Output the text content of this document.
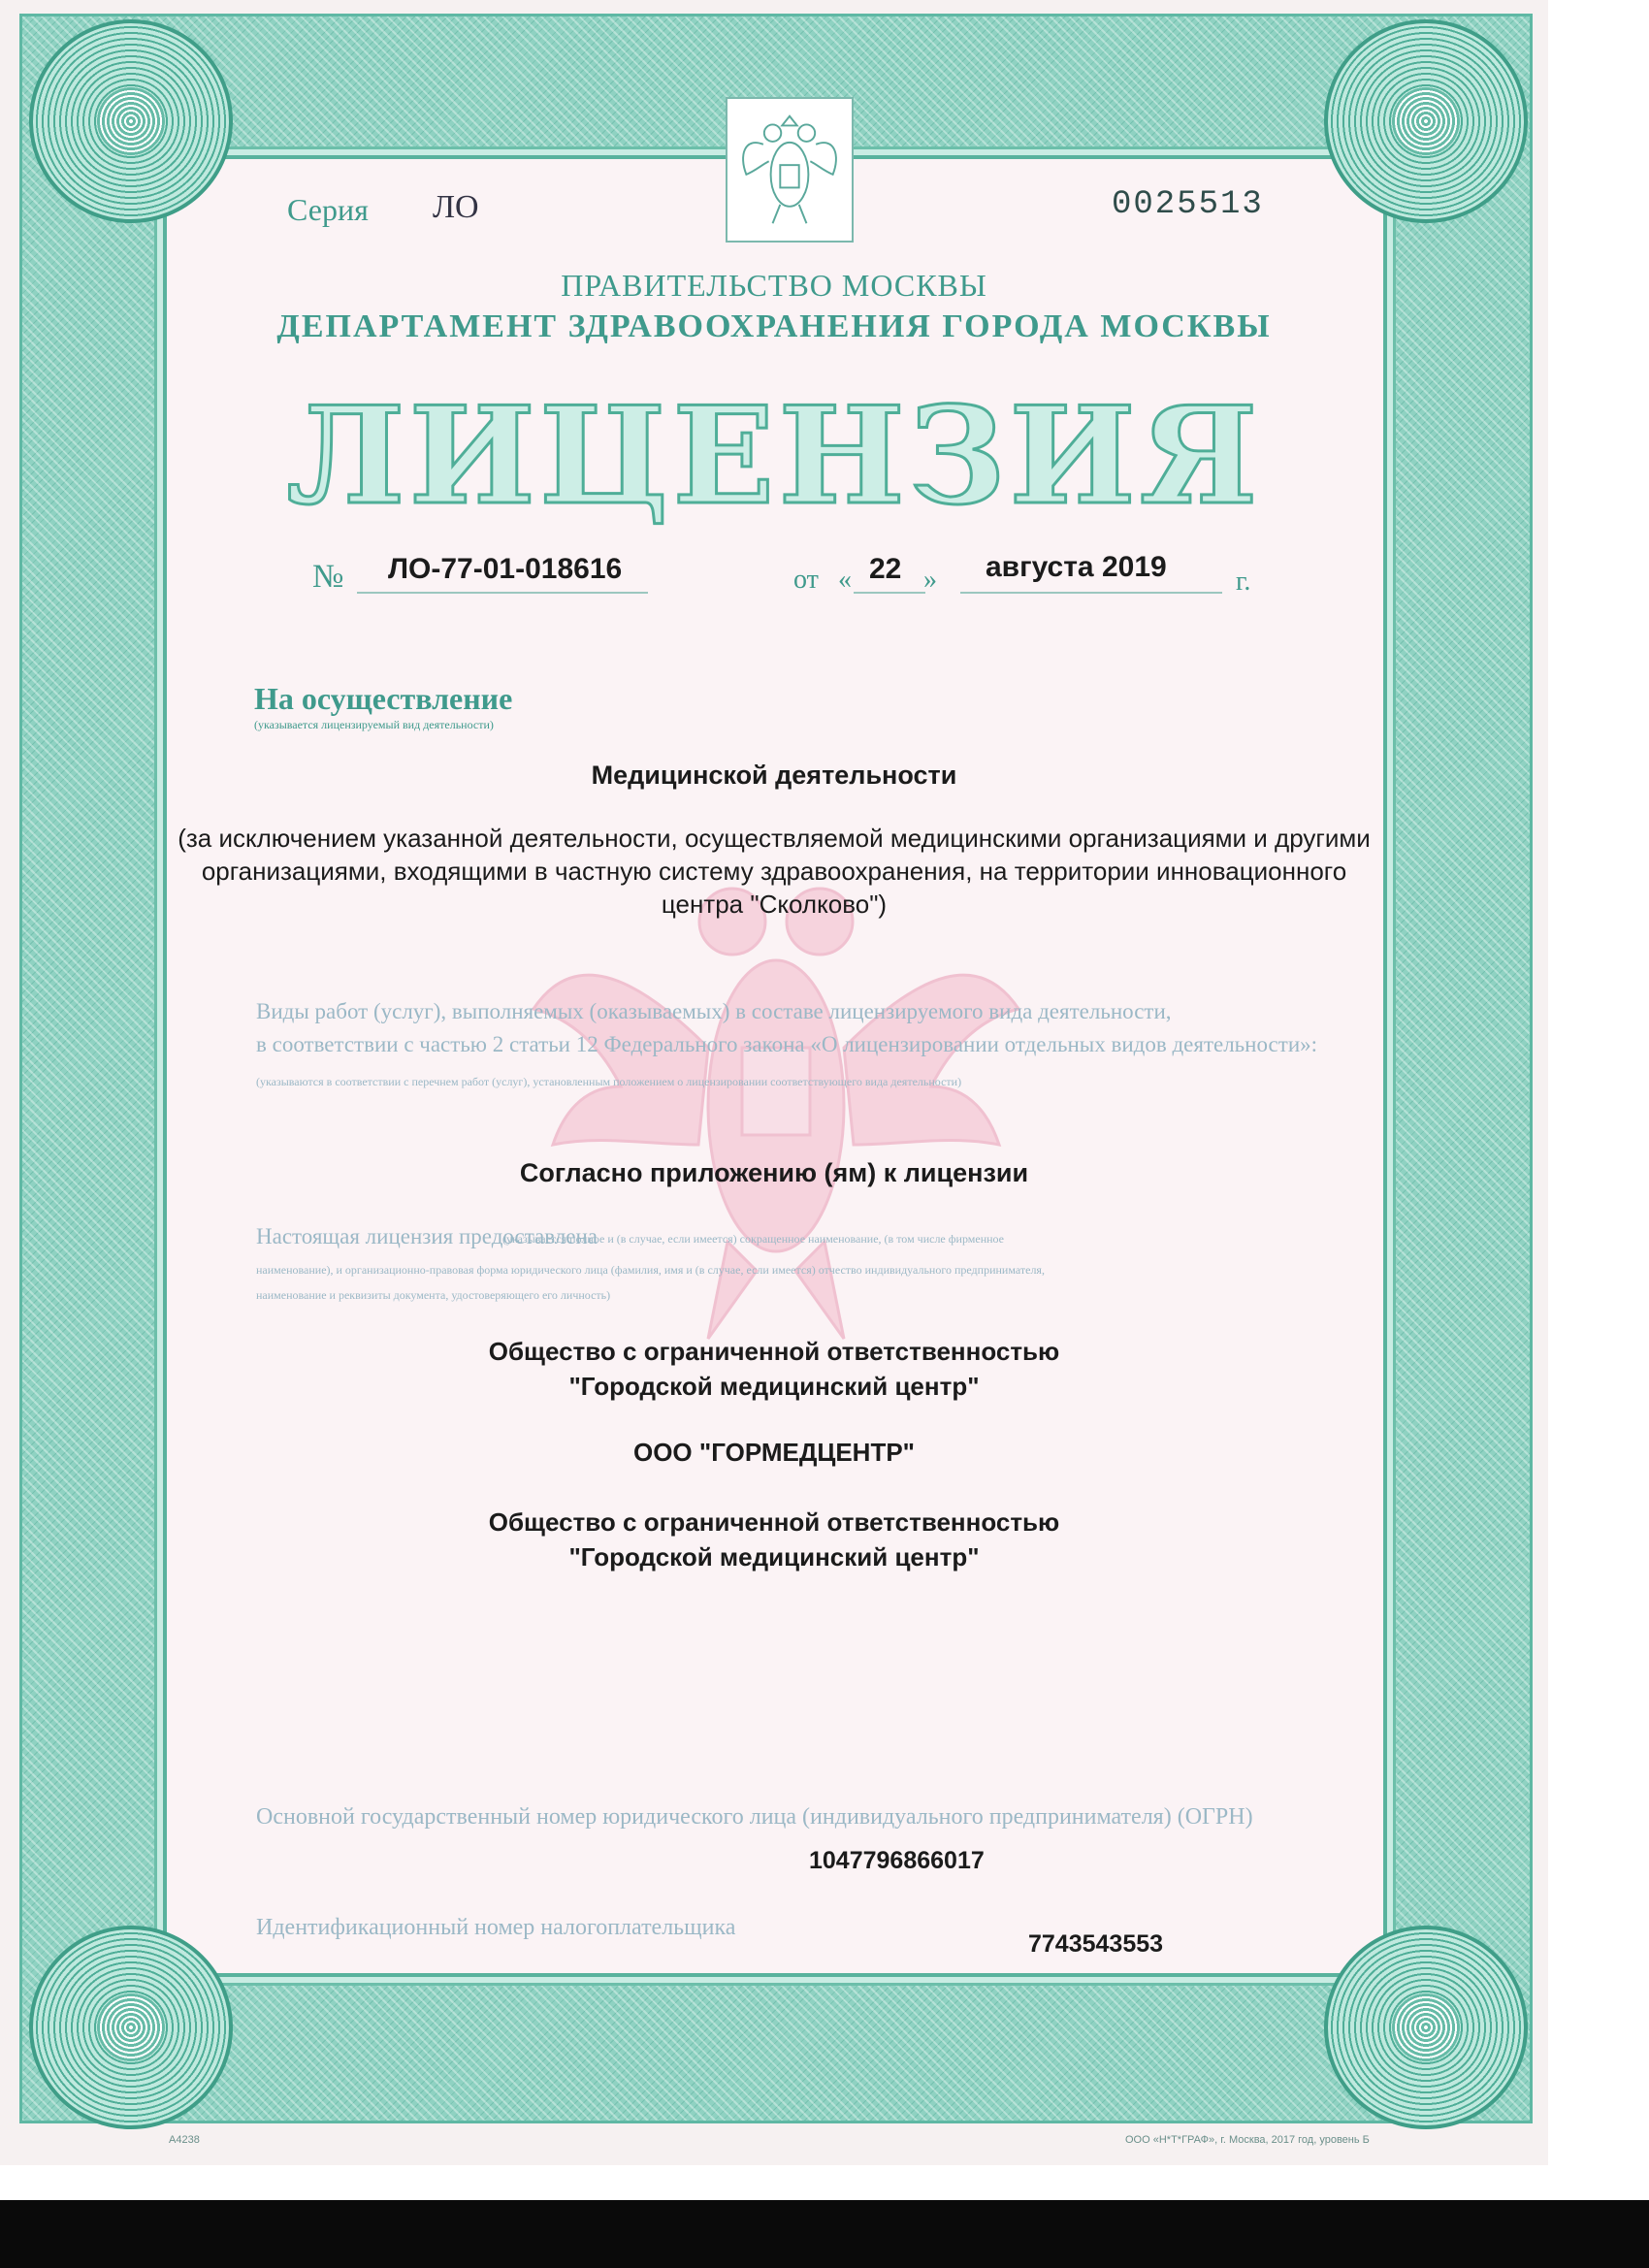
Серия ЛО	0025513
ПРАВИТЕЛЬСТВО МОСКВЫ
ДЕПАРТАМЕНТ ЗДРАВООХРАНЕНИЯ ГОРОДА МОСКВЫ
ЛИЦЕНЗИЯ
№ ЛО-77-01-018616	от « 22 » августа 2019	г.
На осуществление
(указывается лицензируемый вид деятельности)
Медицинской деятельности
(за исключением указанной деятельности, осуществляемой медицинскими организациями и другими организациями, входящими в частную систему здравоохранения, на территории инновационного центра "Сколково")
Виды работ (услуг), выполняемых (оказываемых) в составе лицензируемого вида деятельности,
в соответствии с частью 2 статьи 12 Федерального закона «О лицензировании отдельных видов деятельности»:
(указываются в соответствии с перечнем работ (услуг), установленным положением о лицензировании соответствующего вида деятельности)
Согласно приложению (ям) к лицензии
Настоящая лицензия предоставлена
(указывается полное и (в случае, если имеется) сокращенное наименование, (в том числе фирменное
наименование), и организационно-правовая форма юридического лица (фамилия, имя и (в случае, если имеется) отчество индивидуального предпринимателя,
наименование и реквизиты документа, удостоверяющего его личность)
Общество с ограниченной ответственностью
"Городской медицинский центр"
ООО "ГОРМЕДЦЕНТР"
Общество с ограниченной ответственностью
"Городской медицинский центр"
Основной государственный номер юридического лица (индивидуального предпринимателя) (ОГРН)
1047796866017
Идентификационный номер налогоплательщика
7743543553
А4238	ООО «Н*Т*ГРАФ», г. Москва, 2017 год, уровень Б
